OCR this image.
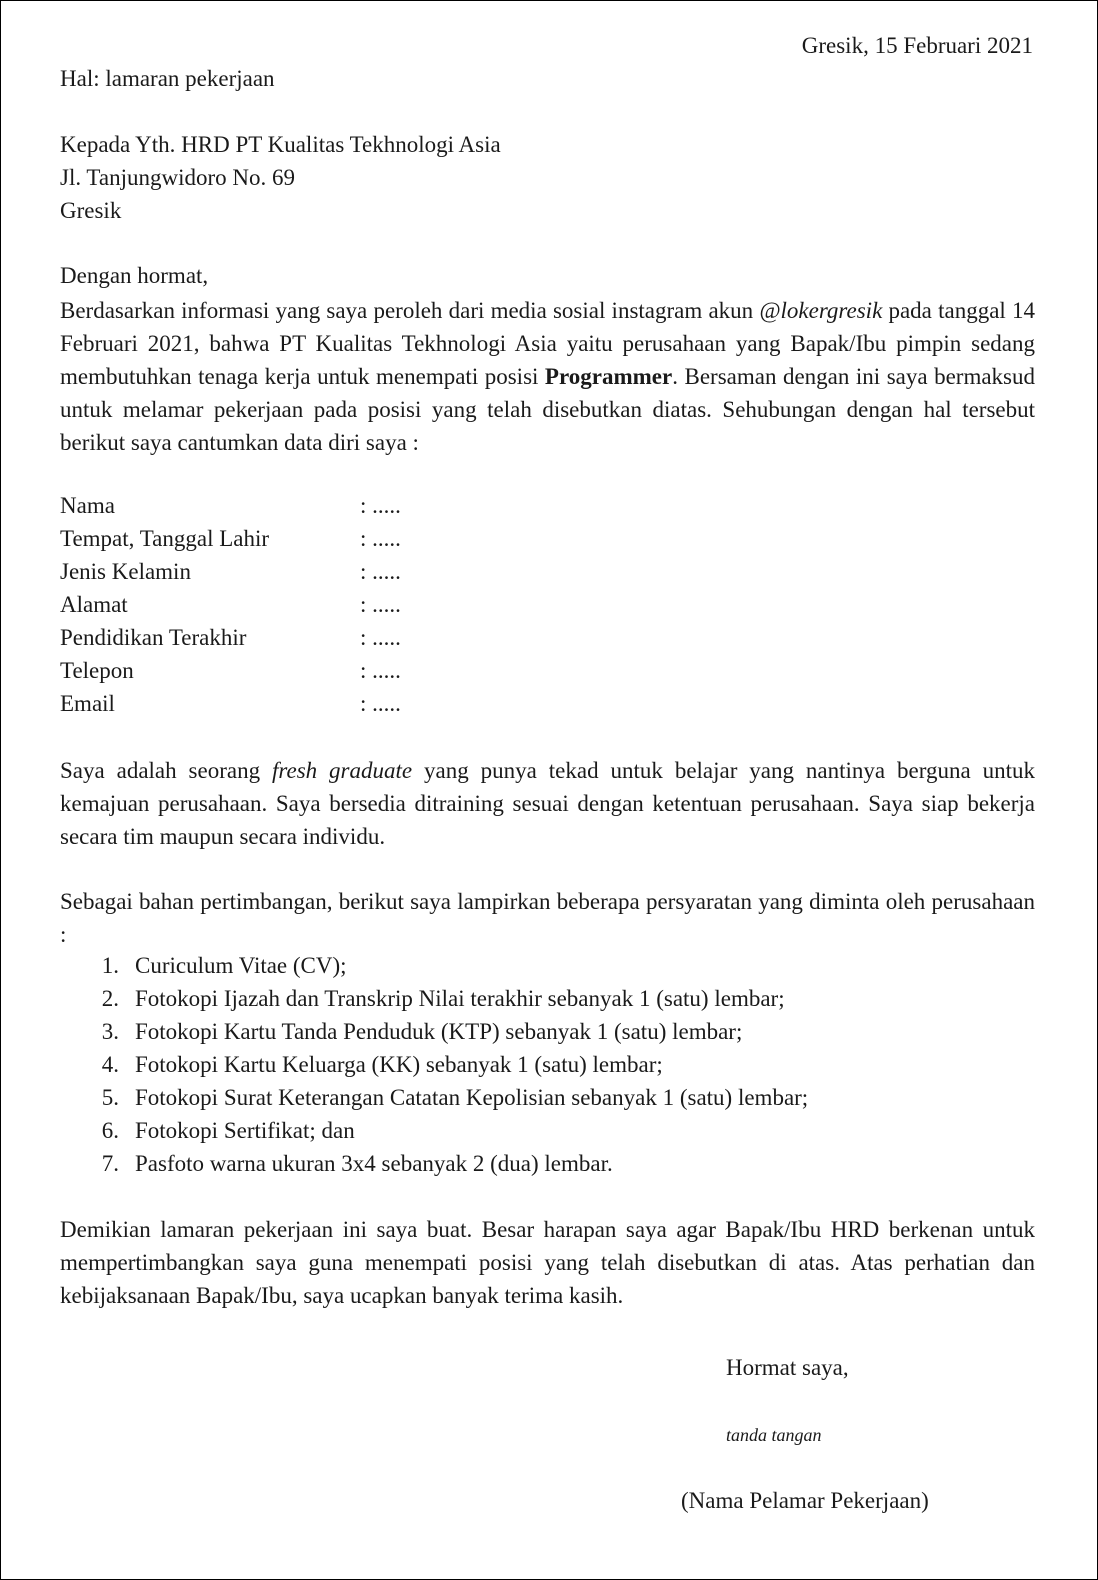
Gresik, 15 Februari 2021
Hal: lamaran pekerjaan
Kepada Yth. HRD PT Kualitas Tekhnologi Asia
Jl. Tanjungwidoro No. 69
Gresik
Dengan hormat,
Berdasarkan informasi yang saya peroleh dari media sosial instagram akun @lokergresik pada tanggal 14 Februari 2021, bahwa PT Kualitas Tekhnologi Asia yaitu perusahaan yang Bapak/Ibu pimpin sedang membutuhkan tenaga kerja untuk menempati posisi Programmer. Bersaman dengan ini saya bermaksud untuk melamar pekerjaan pada posisi yang telah disebutkan diatas. Sehubungan dengan hal tersebut berikut saya cantumkan data diri saya :
Nama	: .....
Tempat, Tanggal Lahir	: .....
Jenis Kelamin	: .....
Alamat	: .....
Pendidikan Terakhir	: .....
Telepon	: .....
Email	: .....
Saya adalah seorang fresh graduate yang punya tekad untuk belajar yang nantinya berguna untuk kemajuan perusahaan. Saya bersedia ditraining sesuai dengan ketentuan perusahaan. Saya siap bekerja secara tim maupun secara individu.
Sebagai bahan pertimbangan, berikut saya lampirkan beberapa persyaratan yang diminta oleh perusahaan :
1. Curiculum Vitae (CV);
2. Fotokopi Ijazah dan Transkrip Nilai terakhir sebanyak 1 (satu) lembar;
3. Fotokopi Kartu Tanda Penduduk (KTP) sebanyak 1 (satu) lembar;
4. Fotokopi Kartu Keluarga (KK) sebanyak 1 (satu) lembar;
5. Fotokopi Surat Keterangan Catatan Kepolisian sebanyak 1 (satu) lembar;
6. Fotokopi Sertifikat; dan
7. Pasfoto warna ukuran 3x4 sebanyak 2 (dua) lembar.
Demikian lamaran pekerjaan ini saya buat. Besar harapan saya agar Bapak/Ibu HRD berkenan untuk mempertimbangkan saya guna menempati posisi yang telah disebutkan di atas. Atas perhatian dan kebijaksanaan Bapak/Ibu, saya ucapkan banyak terima kasih.
Hormat saya,
tanda tangan
(Nama Pelamar Pekerjaan)
